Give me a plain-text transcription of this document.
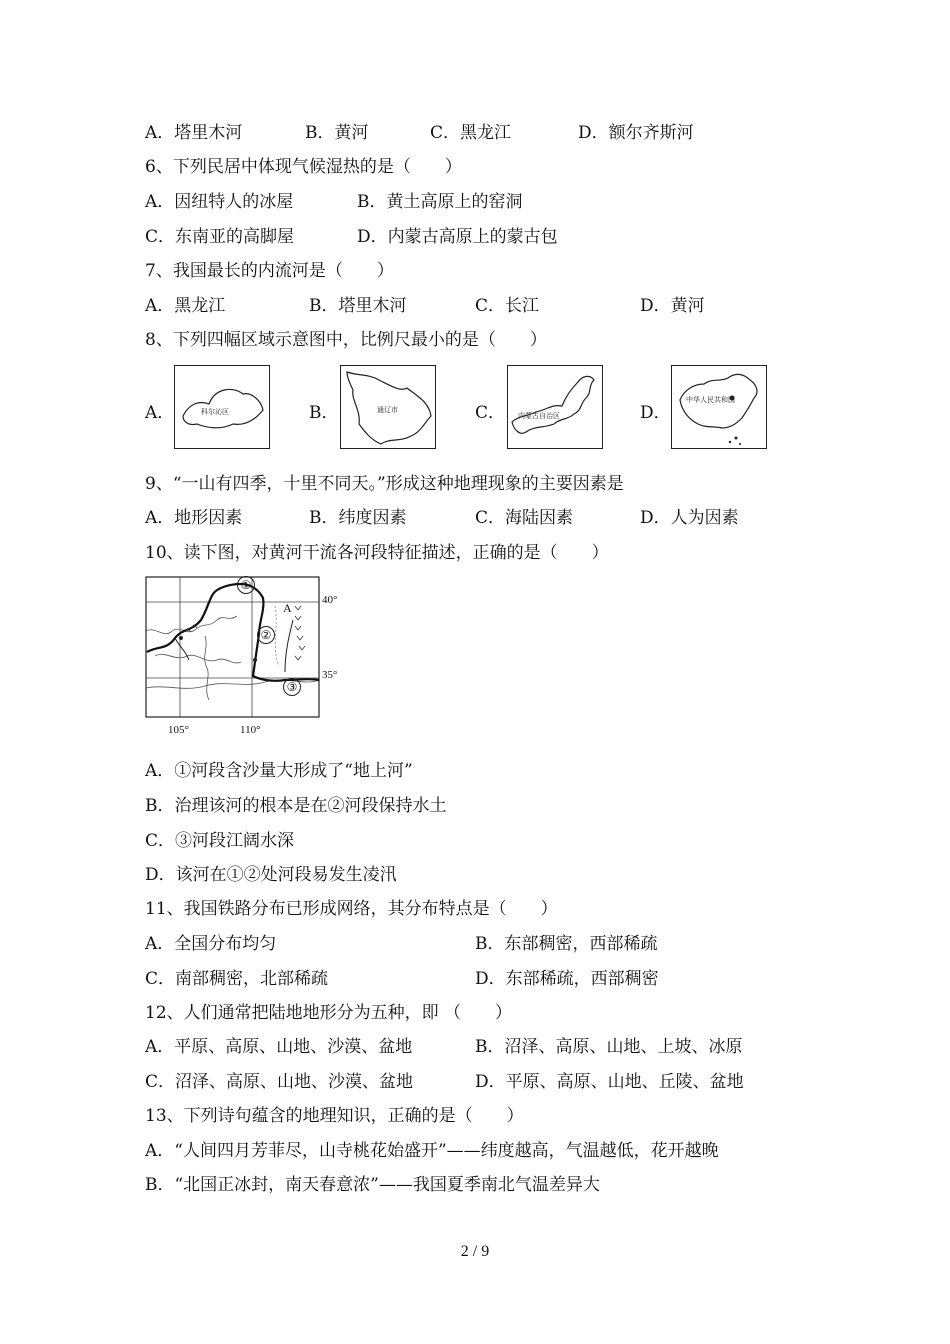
A．塔里木河	B．黄河	C．黑龙江	D．额尔齐斯河
6、下列民居中体现气候湿热的是（　　）
A．因纽特人的冰屋	B．黄土高原上的窑洞
C．东南亚的高脚屋	D．内蒙古高原上的蒙古包
7、我国最长的内流河是（　　）
A．黑龙江	B．塔里木河	C．长江	D．黄河
8、下列四幅区域示意图中，比例尺最小的是（　　）
A．	科尔沁区	B．	通辽市	C． 内蒙古自治区	D．
中华人民共和国
9、“一山有四季，十里不同天。”形成这种地理现象的主要因素是
A．地形因素	B．纬度因素	C．海陆因素	D．人为因素
10、读下图，对黄河干流各河段特征描述，正确的是（　　）
①
②
③
A
40°
35°
105°	110°
A．①河段含沙量大形成了“地上河”
B．治理该河的根本是在②河段保持水土
C．③河段江阔水深
D．该河在①②处河段易发生凌汛
11、我国铁路分布已形成网络，其分布特点是（　　）
A．全国分布均匀	B．东部稠密，西部稀疏
C．南部稠密，北部稀疏	D．东部稀疏，西部稠密
12、人们通常把陆地地形分为五种，即 （　　）
A．平原、高原、山地、沙漠、盆地	B．沼泽、高原、山地、上坡、冰原
C．沼泽、高原、山地、沙漠、盆地	D．平原、高原、山地、丘陵、盆地
13、下列诗句蕴含的地理知识，正确的是（　　）
A．“人间四月芳菲尽，山寺桃花始盛开”——纬度越高，气温越低，花开越晚
B．“北国正冰封，南天春意浓”——我国夏季南北气温差异大
2 / 9
